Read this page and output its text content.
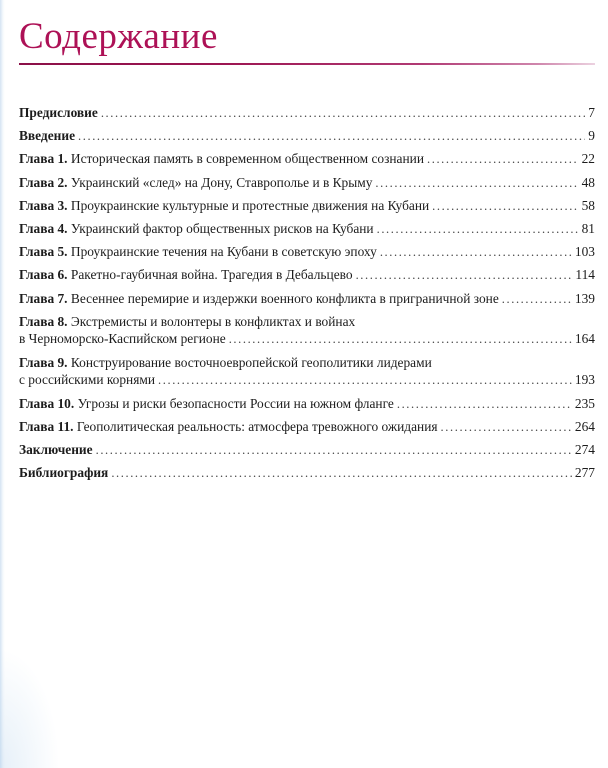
Содержание
Предисловие .....	7
Введение .....	9
Глава 1. Историческая память в современном общественном сознании .....	22
Глава 2. Украинский «след» на Дону, Ставрополье и в Крыму .....	48
Глава 3. Проукраинские культурные и протестные движения на Кубани .....	58
Глава 4. Украинский фактор общественных рисков на Кубани .....	81
Глава 5. Проукраинские течения на Кубани в советскую эпоху .....	103
Глава 6. Ракетно-гаубичная война. Трагедия в Дебальцево .....	114
Глава 7. Весеннее перемирие и издержки военного конфликта в приграничной зоне .....	139
Глава 8. Экстремисты и волонтеры в конфликтах и войнах
в Черноморско-Каспийском регионе .....	164
Глава 9. Конструирование восточноевропейской геополитики лидерами
с российскими корнями .....	193
Глава 10. Угрозы и риски безопасности России на южном фланге .....	235
Глава 11. Геополитическая реальность: атмосфера тревожного ожидания .....	264
Заключение .....	274
Библиография .....	277
